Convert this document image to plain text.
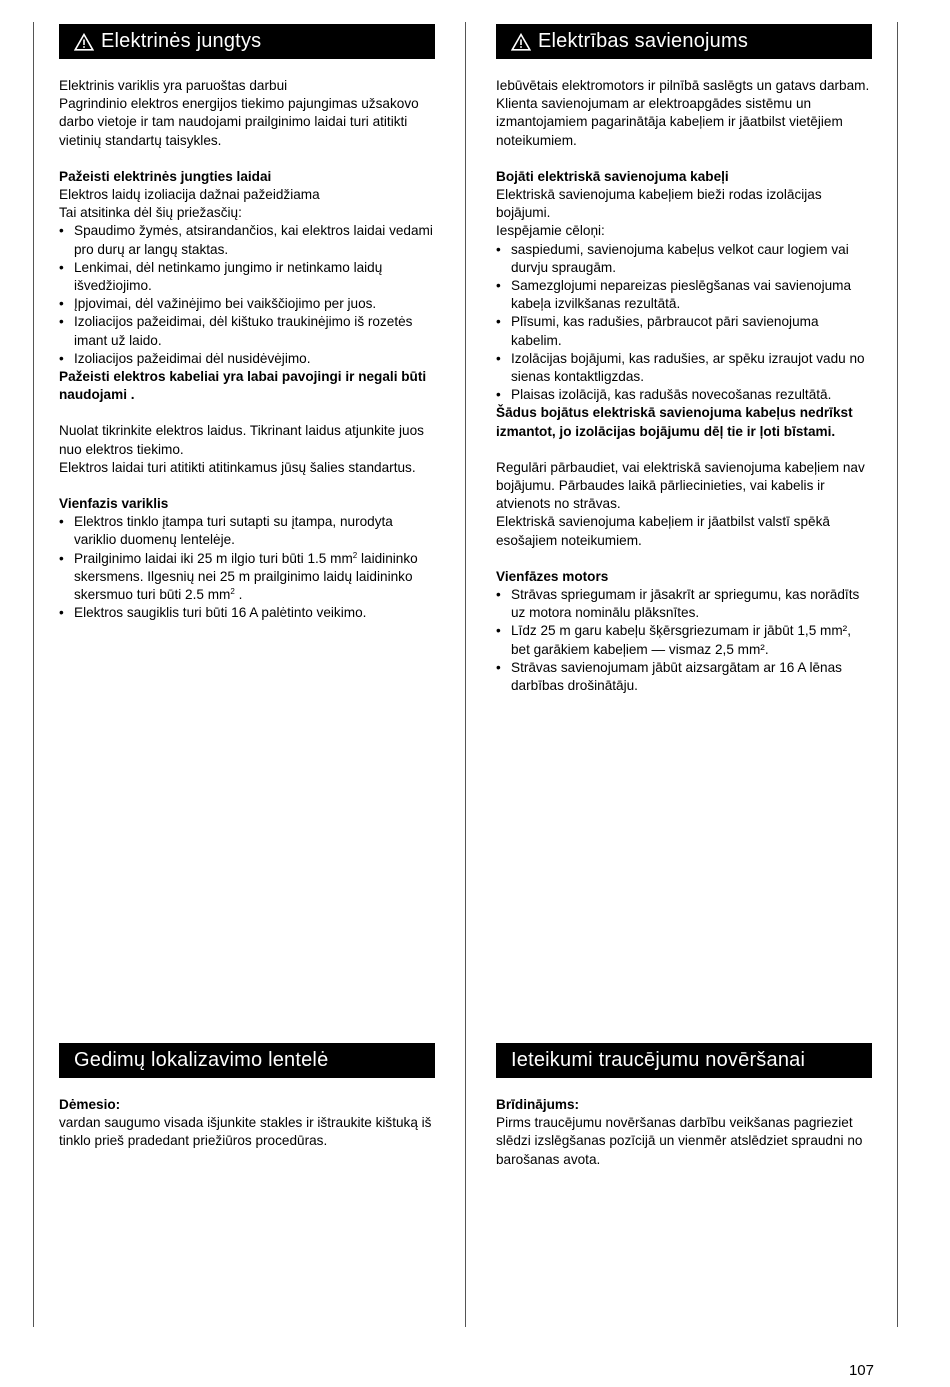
Elektrinės jungtys

Elektrinis variklis yra paruoštas darbui

Pagrindinio elektros energijos tiekimo pajungimas užsakovo darbo vietoje ir tam naudojami prailginimo laidai turi atitikti vietinių standartų taisykles.

Pažeisti elektrinės jungties laidai

Elektros laidų izoliacija dažnai pažeidžiama

Tai atsitinka dėl šių priežasčių:

• Spaudimo žymės, atsirandančios, kai elektros laidai vedami pro durų ar langų staktas.
• Lenkimai, dėl netinkamo jungimo ir netinkamo laidų išvedžiojimo.
• Įpjovimai, dėl važinėjimo bei vaikščiojimo per juos.
• Izoliacijos pažeidimai, dėl kištuko traukinėjimo iš rozetės imant už laido.
• Izoliacijos pažeidimai dėl nusidėvėjimo.

Pažeisti elektros kabeliai yra labai pavojingi ir negali būti naudojami .

Nuolat tikrinkite elektros laidus. Tikrinant laidus atjunkite juos nuo elektros tiekimo.

Elektros laidai turi atitikti atitinkamus jūsų šalies standartus.

Vienfazis variklis

• Elektros tinklo įtampa turi sutapti su įtampa, nurodyta variklio duomenų lentelėje.
• Prailginimo laidai iki 25 m ilgio turi būti 1.5 $mm^2$ laidininko skersmens. Ilgesnių nei 25 m prailginimo laidų laidininko skersmuo turi būti 2.5 $mm^2$ .
• Elektros saugiklis turi būti 16 A palėtinto veikimo.
Gedimų lokalizavimo lentelė

Dėmesio:

vardan saugumo visada išjunkite stakles ir ištraukite kištuką iš tinklo prieš pradedant priežiūros procedūras.

Elektrības savienojums

Iebūvētais elektromotors ir pilnībā saslēgts un gatavs darbam.

Klienta savienojumam ar elektroapgādes sistēmu un izmantojamiem pagarinātāja kabeļiem ir jāatbilst vietējiem noteikumiem.

Bojāti elektriskā savienojuma kabeļi

Elektriskā savienojuma kabeļiem bieži rodas izolācijas bojājumi.

Iespējamie cēloņi:

• saspiedumi, savienojuma kabeļus velkot caur logiem vai durvju spraugām.
• Samezglojumi nepareizas pieslēgšanas vai savienojuma kabeļa izvilkšanas rezultātā.
• Plīsumi, kas radušies, pārbraucot pāri savienojuma kabelim.
• Izolācijas bojājumi, kas radušies, ar spēku izraujot vadu no sienas kontaktligzdas.
• Plaisas izolācijā, kas radušās novecošanas rezultātā.

Šādus bojātus elektriskā savienojuma kabeļus nedrīkst izmantot, jo izolācijas bojājumu dēļ tie ir ļoti bīstami.

Regulāri pārbaudiet, vai elektriskā savienojuma kabeļiem nav bojājumu. Pārbaudes laikā pārliecinieties, vai kabelis ir atvienots no strāvas.

Elektriskā savienojuma kabeļiem ir jāatbilst valstī spēkā esošajiem noteikumiem.

Vienfāzes motors

• Strāvas spriegumam ir jāsakrīt ar spriegumu, kas norādīts uz motora nominālu plāksnītes.
• Līdz 25 m garu kabeļu šķērsgriezumam ir jābūt 1,5 mm², bet garākiem kabeļiem — vismaz 2,5 mm².
• Strāvas savienojumam jābūt aizsargātam ar 16 A lēnas darbības drošinātāju.
Ieteikumi traucējumu novēršanai

Brīdinājums:

Pirms traucējumu novēršanas darbību veikšanas pagrieziet slēdzi izslēgšanas pozīcijā un vienmēr atslēdziet spraudni no barošanas avota.

107
